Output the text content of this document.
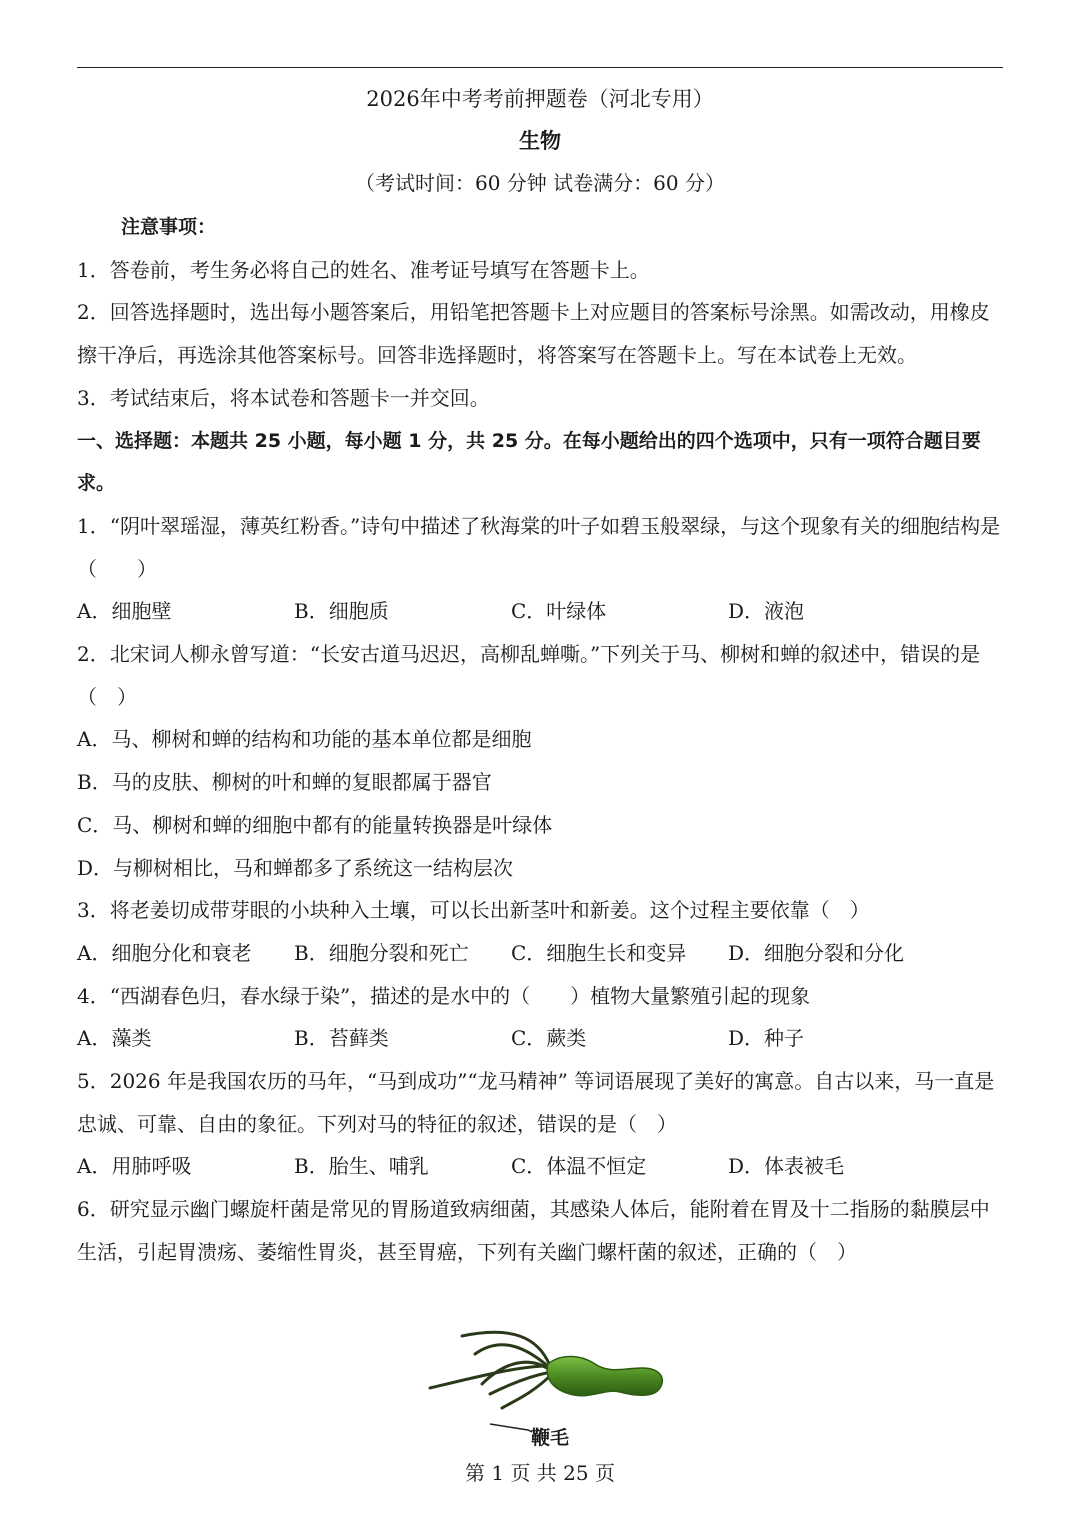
2026年中考考前押题卷（河北专用）
生物
（考试时间：60 分钟 试卷满分：60 分）

注意事项：

1．答卷前，考生务必将自己的姓名、准考证号填写在答题卡上。

2．回答选择题时，选出每小题答案后，用铅笔把答题卡上对应题目的答案标号涂黑。如需改动，用橡皮擦干净后，再选涂其他答案标号。回答非选择题时，将答案写在答题卡上。写在本试卷上无效。

3．考试结束后，将本试卷和答题卡一并交回。

一、选择题：本题共 25 小题，每小题 1 分，共 25 分。在每小题给出的四个选项中，只有一项符合题目要求。

1．“阴叶翠瑶湿，薄英红粉香。”诗句中描述了秋海棠的叶子如碧玉般翠绿，与这个现象有关的细胞结构是（　　）

A．细胞壁	B．细胞质	C．叶绿体	D．液泡

2．北宋词人柳永曾写道：“长安古道马迟迟，高柳乱蝉嘶。”下列关于马、柳树和蝉的叙述中，错误的是（　）

A．马、柳树和蝉的结构和功能的基本单位都是细胞

B．马的皮肤、柳树的叶和蝉的复眼都属于器官

C．马、柳树和蝉的细胞中都有的能量转换器是叶绿体

D．与柳树相比，马和蝉都多了系统这一结构层次

3．将老姜切成带芽眼的小块种入土壤，可以长出新茎叶和新姜。这个过程主要依靠（　）

A．细胞分化和衰老	B．细胞分裂和死亡	C．细胞生长和变异	D．细胞分裂和分化

4．“西湖春色归，春水绿于染”，描述的是水中的（　　）植物大量繁殖引起的现象

A．藻类	B．苔藓类	C．蕨类	D．种子

5．2026 年是我国农历的马年，“马到成功”“龙马精神” 等词语展现了美好的寓意。自古以来，马一直是忠诚、可靠、自由的象征。下列对马的特征的叙述，错误的是（　）

A．用肺呼吸	B．胎生、哺乳	C．体温不恒定	D．体表被毛

6．研究显示幽门螺旋杆菌是常见的胃肠道致病细菌，其感染人体后，能附着在胃及十二指肠的黏膜层中生活，引起胃溃疡、萎缩性胃炎，甚至胃癌，下列有关幽门螺杆菌的叙述，正确的（　）

鞭毛
第 1 页 共 25 页
